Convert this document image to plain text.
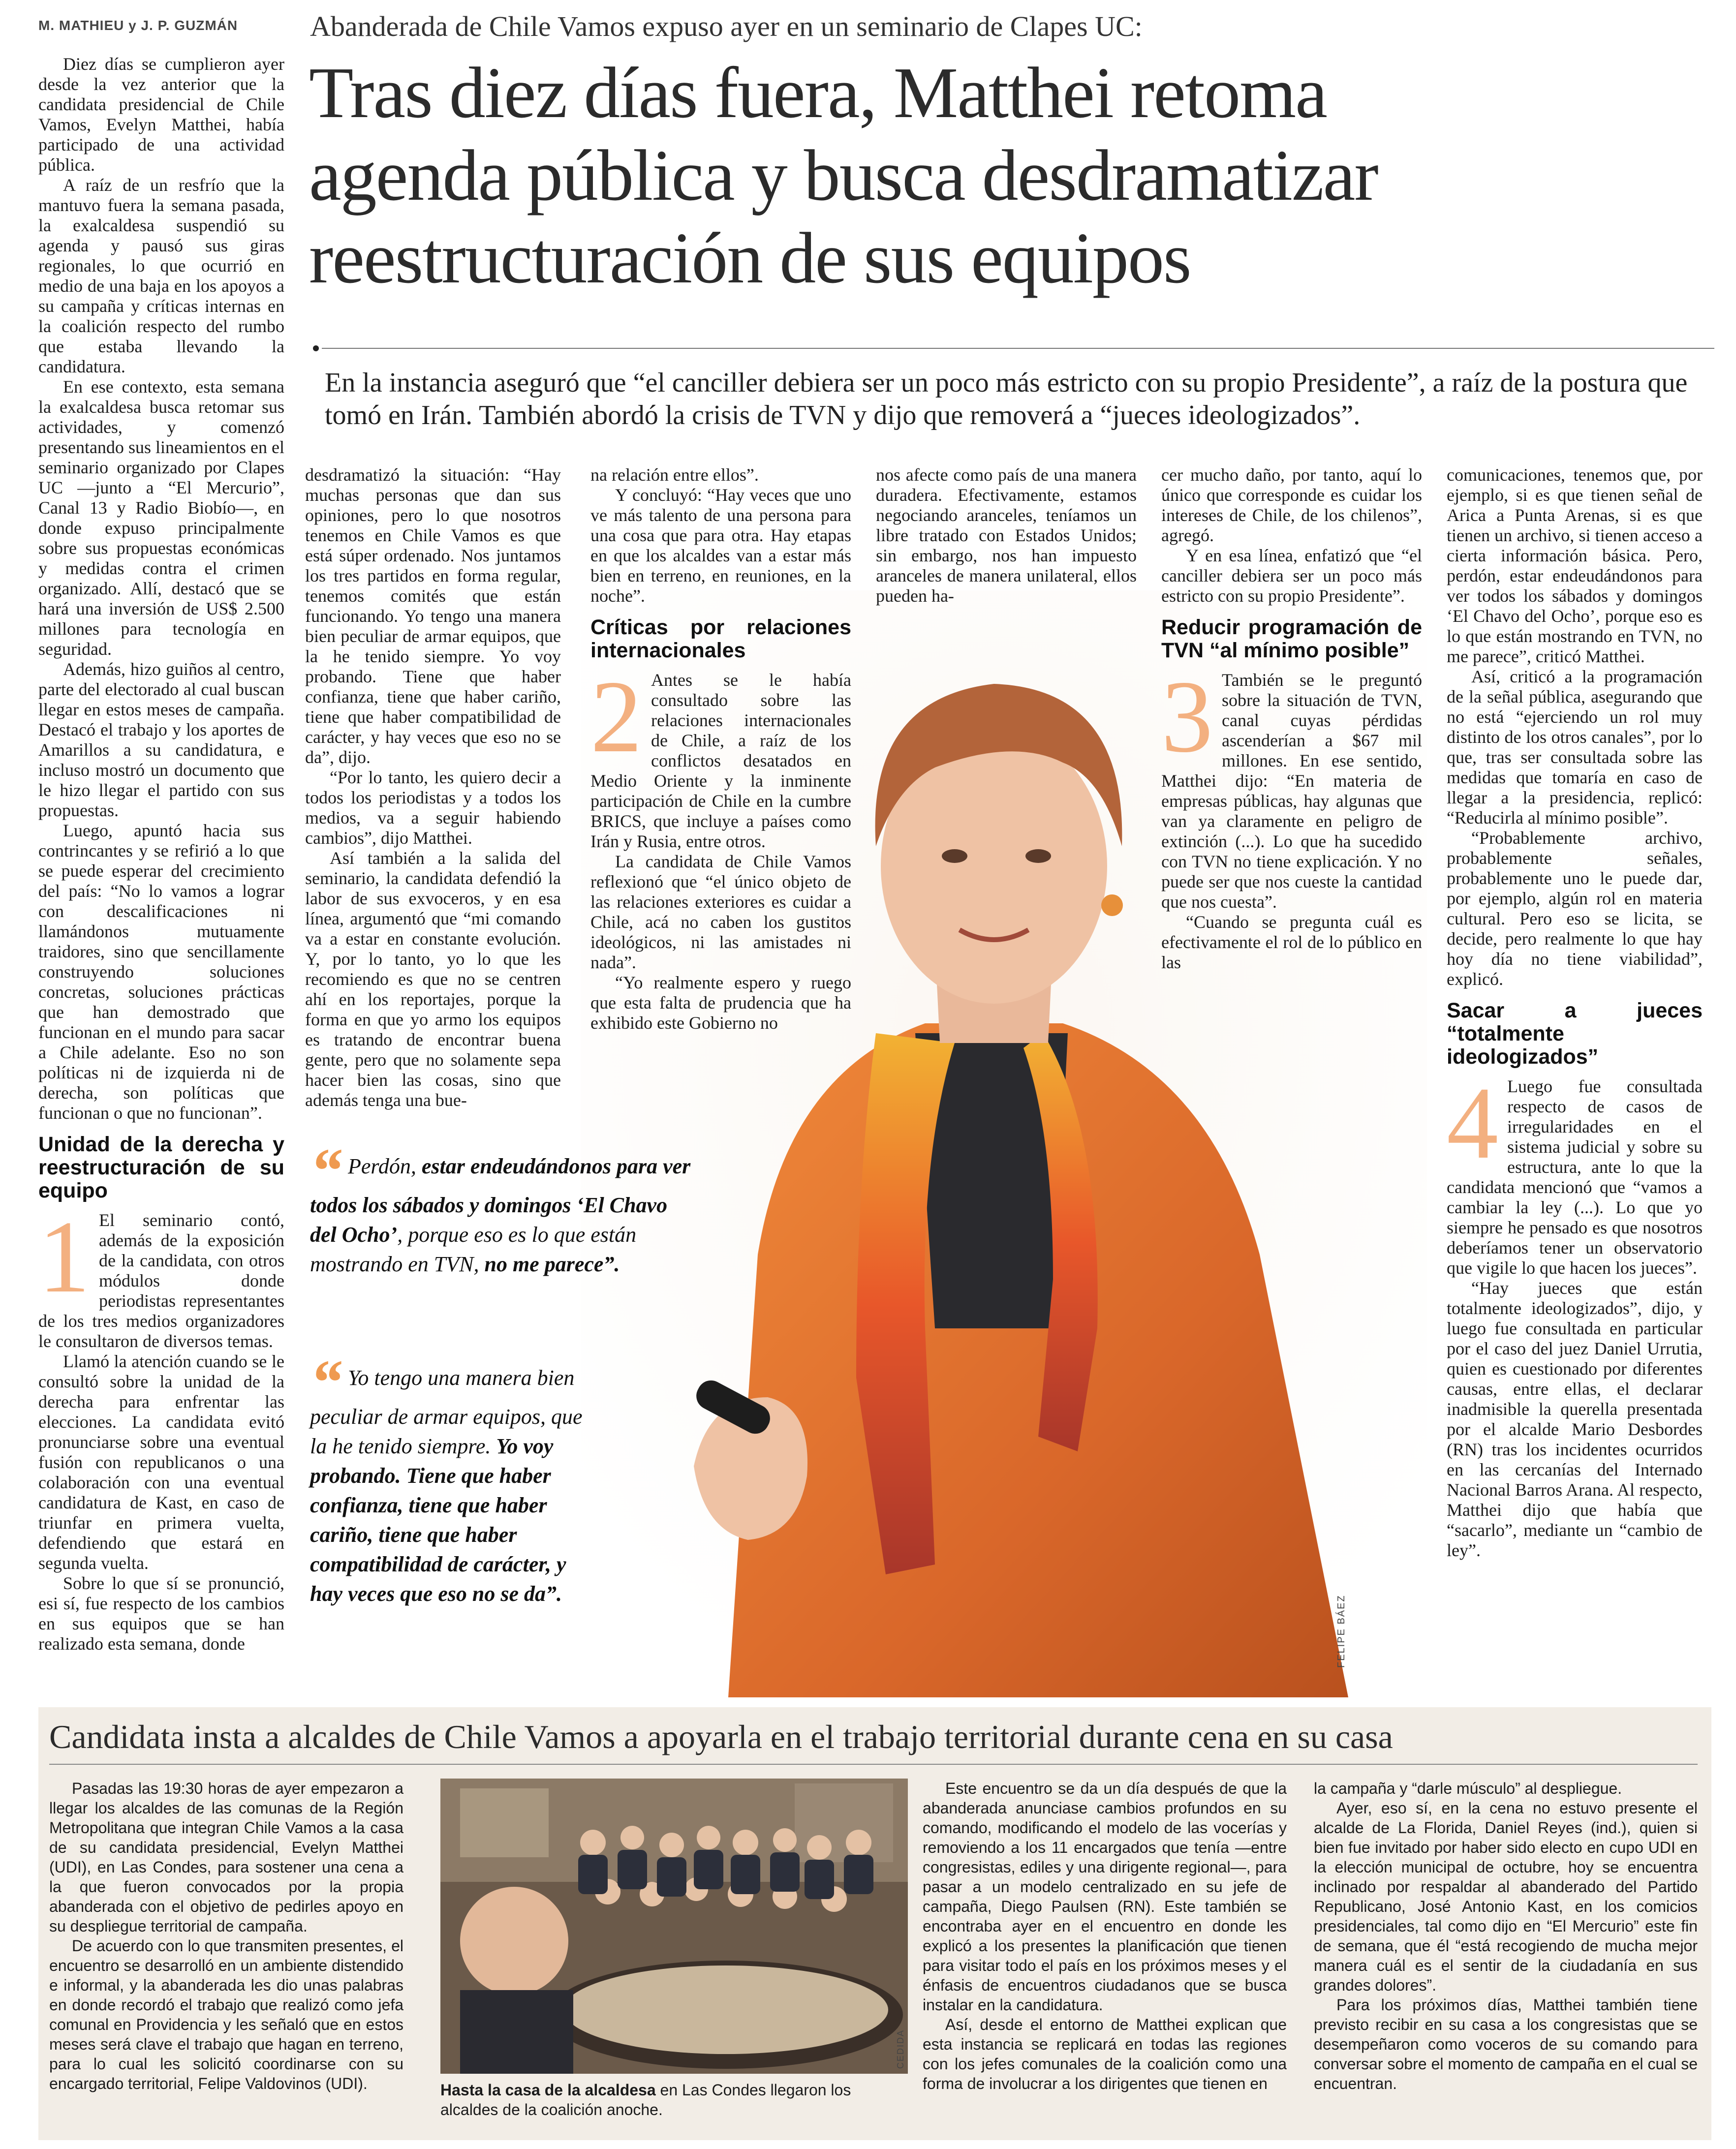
M. MATHIEU y J. P. GUZMÁN	Abanderada de Chile Vamos expuso ayer en un seminario de Clapes UC:
Tras diez días fuera, Matthei retoma
agenda pública y busca desdramatizar
reestructuración de sus equipos
En la instancia aseguró que “el canciller debiera ser un poco más estricto con su propio Presidente”, a raíz de la postura que tomó en Irán. También abordó la crisis de TVN y dijo que removerá a “jueces ideologizados”.

Diez días se cumplieron ayer desde la vez anterior que la candidata presidencial de Chile Vamos, Evelyn Matthei, había participado de una actividad pública.

A raíz de un resfrío que la mantuvo fuera la semana pasada, la exalcaldesa suspendió su agenda y pausó sus giras regionales, lo que ocurrió en medio de una baja en los apoyos a su campaña y críticas internas en la coalición respecto del rumbo que estaba llevando la candidatura.

En ese contexto, esta semana la exalcaldesa busca retomar sus actividades, y comenzó presentando sus lineamientos en el seminario organizado por Clapes UC —junto a “El Mercurio”, Canal 13 y Radio Biobío—, en donde expuso principalmente sobre sus propuestas económicas y medidas contra el crimen organizado. Allí, destacó que se hará una inversión de US$ 2.500 millones para tecnología en seguridad.

Además, hizo guiños al centro, parte del electorado al cual buscan llegar en estos meses de campaña. Destacó el trabajo y los aportes de Amarillos a su candidatura, e incluso mostró un documento que le hizo llegar el partido con sus propuestas.

Luego, apuntó hacia sus contrincantes y se refirió a lo que se puede esperar del crecimiento del país: “No lo vamos a lograr con descalificaciones ni llamándonos mutuamente traidores, sino que sencillamente construyendo soluciones concretas, soluciones prácticas que han demostrado que funcionan en el mundo para sacar a Chile adelante. Eso no son políticas ni de izquierda ni de derecha, son políticas que funcionan o que no funcionan”.

Unidad de la derecha y reestructuración de su equipo

1 El seminario contó, además de la exposición de la candidata, con otros módulos donde periodistas representantes de los tres medios organizadores le consultaron de diversos temas.

Llamó la atención cuando se le consultó sobre la unidad de la derecha para enfrentar las elecciones. La candidata evitó pronunciarse sobre una eventual fusión con republicanos o una colaboración con una eventual candidatura de Kast, en caso de triunfar en primera vuelta, defendiendo que estará en segunda vuelta.

Sobre lo que sí se pronunció, esi sí, fue respecto de los cambios en sus equipos que se han realizado esta semana, donde	FELIPE BÁEZ

desdramatizó la situación: “Hay muchas personas que dan sus opiniones, pero lo que nosotros tenemos en Chile Vamos es que está súper ordenado. Nos juntamos los tres partidos en forma regular, tenemos comités que están funcionando. Yo tengo una manera bien peculiar de armar equipos, que la he tenido siempre. Yo voy probando. Tiene que haber confianza, tiene que haber cariño, tiene que haber compatibilidad de carácter, y hay veces que eso no se da”, dijo.

“Por lo tanto, les quiero decir a todos los periodistas y a todos los medios, va a seguir habiendo cambios”, dijo Matthei.

Así también a la salida del seminario, la candidata defendió la labor de sus exvoceros, y en esa línea, argumentó que “mi comando va a estar en constante evolución. Y, por lo tanto, yo lo que les recomiendo es que no se centren ahí en los reportajes, porque la forma en que yo armo los equipos es tratando de encontrar buena gente, pero que no solamente sepa hacer bien las cosas, sino que además tenga una bue-

na relación entre ellos”.

Y concluyó: “Hay veces que uno ve más talento de una persona para una cosa que para otra. Hay etapas en que los alcaldes van a estar más bien en terreno, en reuniones, en la noche”.

Críticas por relaciones internacionales

2 Antes se le había consultado sobre las relaciones internacionales de Chile, a raíz de los conflictos desatados en Medio Oriente y la inminente participación de Chile en la cumbre BRICS, que incluye a países como Irán y Rusia, entre otros.

La candidata de Chile Vamos reflexionó que “el único objeto de las relaciones exteriores es cuidar a Chile, acá no caben los gustitos ideológicos, ni las amistades ni nada”.

“Yo realmente espero y ruego que esta falta de prudencia que ha exhibido este Gobierno no

nos afecte como país de una manera duradera. Efectivamente, estamos negociando aranceles, teníamos un libre tratado con Estados Unidos; sin embargo, nos han impuesto aranceles de manera unilateral, ellos pueden ha-

cer mucho daño, por tanto, aquí lo único que corresponde es cuidar los intereses de Chile, de los chilenos”, agregó.

Y en esa línea, enfatizó que “el canciller debiera ser un poco más estricto con su propio Presidente”.

Reducir programación de TVN “al mínimo posible”

3 También se le preguntó sobre la situación de TVN, canal cuyas pérdidas ascenderían a $67 mil millones. En ese sentido, Matthei dijo: “En materia de empresas públicas, hay algunas que van ya claramente en peligro de extinción (...). Lo que ha sucedido con TVN no tiene explicación. Y no puede ser que nos cueste la cantidad que nos cuesta”.

“Cuando se pregunta cuál es efectivamente el rol de lo público en las

comunicaciones, tenemos que, por ejemplo, si es que tienen señal de Arica a Punta Arenas, si es que tienen un archivo, si tienen acceso a cierta información básica. Pero, perdón, estar endeudándonos para ver todos los sábados y domingos ‘El Chavo del Ocho’, porque eso es lo que están mostrando en TVN, no me parece”, criticó Matthei.

Así, criticó a la programación de la señal pública, asegurando que no está “ejerciendo un rol muy distinto de los otros canales”, por lo que, tras ser consultada sobre las medidas que tomaría en caso de llegar a la presidencia, replicó: “Reducirla al mínimo posible”.

“Probablemente archivo, probablemente señales, probablemente uno le puede dar, por ejemplo, algún rol en materia cultural. Pero eso se licita, se decide, pero realmente lo que hay hoy día no tiene viabilidad”, explicó.

Sacar a jueces “totalmente ideologizados”

4 Luego fue consultada respecto de casos de irregularidades en el sistema judicial y sobre su estructura, ante lo que la candidata mencionó que “vamos a cambiar la ley (...). Lo que yo siempre he pensado es que nosotros deberíamos tener un observatorio que vigile lo que hacen los jueces”.

“Hay jueces que están totalmente ideologizados”, dijo, y luego fue consultada en particular por el caso del juez Daniel Urrutia, quien es cuestionado por diferentes causas, entre ellas, el declarar inadmisible la querella presentada por el alcalde Mario Desbordes (RN) tras los incidentes ocurridos en las cercanías del Internado Nacional Barros Arana. Al respecto, Matthei dijo que había que “sacarlo”, mediante un “cambio de ley”.

“ Perdón, estar endeudándonos para ver todos los sábados y domingos ‘El Chavo del Ocho’, porque eso es lo que están mostrando en TVN, no me parece”.
“ Yo tengo una manera bien peculiar de armar equipos, que la he tenido siempre. Yo voy probando. Tiene que haber confianza, tiene que haber cariño, tiene que haber compatibilidad de carácter, y hay veces que eso no se da”.
Candidata insta a alcaldes de Chile Vamos a apoyarla en el trabajo territorial durante cena en su casa

Pasadas las 19:30 horas de ayer empezaron a llegar los alcaldes de las comunas de la Región Metropolitana que integran Chile Vamos a la casa de su candidata presidencial, Evelyn Matthei (UDI), en Las Condes, para sostener una cena a la que fueron convocados por la propia abanderada con el objetivo de pedirles apoyo en su despliegue territorial de campaña.

De acuerdo con lo que transmiten presentes, el encuentro se desarrolló en un ambiente distendido e informal, y la abanderada les dio unas palabras en donde recordó el trabajo que realizó como jefa comunal en Providencia y les señaló que en estos meses será clave el trabajo que hagan en terreno, para lo cual les solicitó coordinarse con su encargado territorial, Felipe Valdovinos (UDI).

CEDIDA
Hasta la casa de la alcaldesa en Las Condes llegaron los alcaldes de la coalición anoche.

Este encuentro se da un día después de que la abanderada anunciase cambios profundos en su comando, modificando el modelo de las vocerías y removiendo a los 11 encargados que tenía —entre congresistas, ediles y una dirigente regional—, para pasar a un modelo centralizado en su jefe de campaña, Diego Paulsen (RN). Este también se encontraba ayer en el encuentro en donde les explicó a los presentes la planificación que tienen para visitar todo el país en los próximos meses y el énfasis de encuentros ciudadanos que se busca instalar en la candidatura.

Así, desde el entorno de Matthei explican que esta instancia se replicará en todas las regiones con los jefes comunales de la coalición como una forma de involucrar a los dirigentes que tienen en

la campaña y “darle músculo” al despliegue.

Ayer, eso sí, en la cena no estuvo presente el alcalde de La Florida, Daniel Reyes (ind.), quien si bien fue invitado por haber sido electo en cupo UDI en la elección municipal de octubre, hoy se encuentra inclinado por respaldar al abanderado del Partido Republicano, José Antonio Kast, en los comicios presidenciales, tal como dijo en “El Mercurio” este fin de semana, que él “está recogiendo de mucha mejor manera cuál es el sentir de la ciudadanía en sus grandes dolores”.

Para los próximos días, Matthei también tiene previsto recibir en su casa a los congresistas que se desempeñaron como voceros de su comando para conversar sobre el momento de campaña en el cual se encuentran.
